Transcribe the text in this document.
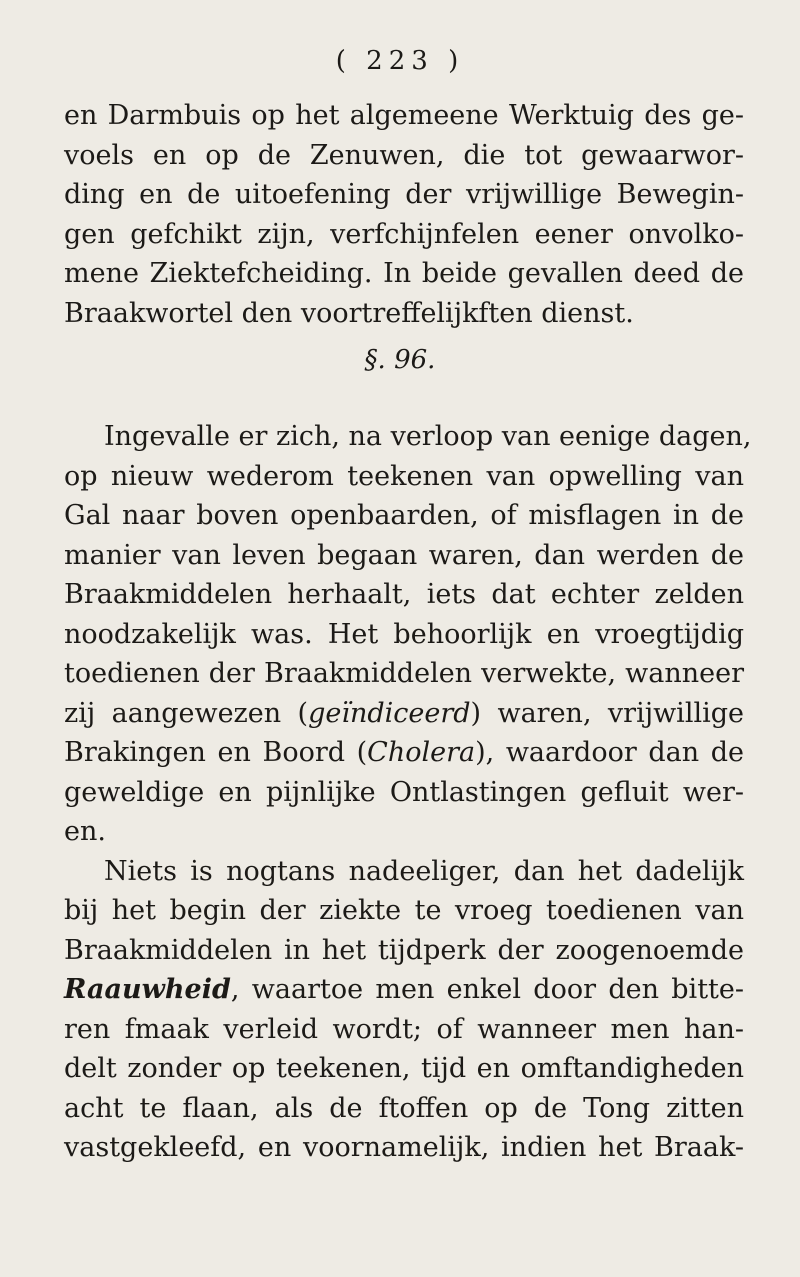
( 223 )
en Darmbuis op het algemeene Werktuig des ge-
voels en op de Zenuwen, die tot gewaarwor-
ding en de uitoefening der vrijwillige Bewegin-
gen gefchikt zijn, verfchijnfelen eener onvolko-
mene Ziektefcheiding. In beide gevallen deed de
Braakwortel den voortreffelijkften dienst.
§. 96.
Ingevalle er zich, na verloop van eenige dagen,
op nieuw wederom teekenen van opwelling van
Gal naar boven openbaarden, of misflagen in de
manier van leven begaan waren, dan werden de
Braakmiddelen herhaalt, iets dat echter zelden
noodzakelijk was. Het behoorlijk en vroegtijdig
toedienen der Braakmiddelen verwekte, wanneer
zij aangewezen (geïndiceerd) waren, vrijwillige
Brakingen en Boord (Cholera), waardoor dan de
geweldige en pijnlijke Ontlastingen gefluit wer-
en.
Niets is nogtans nadeeliger, dan het dadelijk
bij het begin der ziekte te vroeg toedienen van
Braakmiddelen in het tijdperk der zoogenoemde
Raauwheid, waartoe men enkel door den bitte-
ren fmaak verleid wordt; of wanneer men han-
delt zonder op teekenen, tijd en omftandigheden
acht te flaan, als de ftoffen op de Tong zitten
vastgekleefd, en voornamelijk, indien het Braak-
